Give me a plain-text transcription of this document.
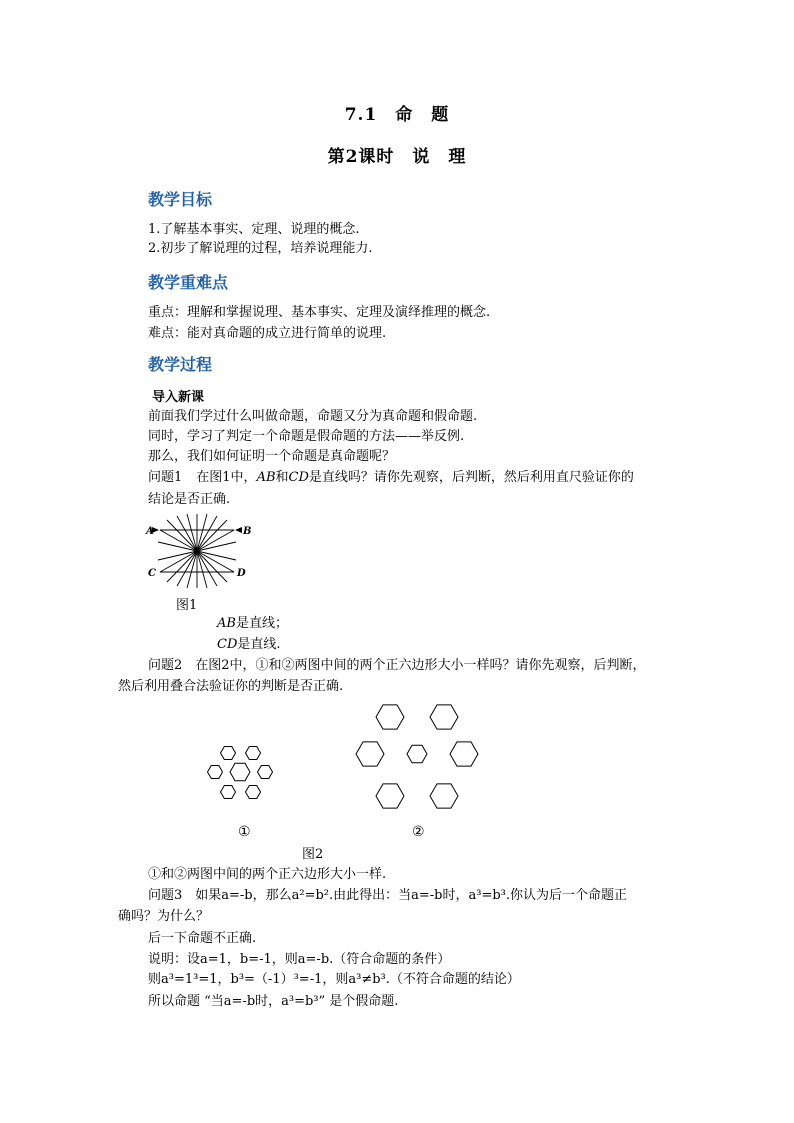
7.1　命　题
第2课时　说　理
教学目标
1.了解基本事实、定理、说理的概念.
2.初步了解说理的过程，培养说理能力.
教学重难点
重点：理解和掌握说理、基本事实、定理及演绎推理的概念.
难点：能对真命题的成立进行简单的说理.
教学过程
导入新课
前面我们学过什么叫做命题，命题又分为真命题和假命题.
同时，学习了判定一个命题是假命题的方法——举反例.
那么，我们如何证明一个命题是真命题呢？
问题1 在图1中，AB和CD是直线吗？请你先观察，后判断，然后利用直尺验证你的
结论是否正确.
A	B
C	D
图1
AB是直线；
CD是直线.
问题2　在图2中，①和②两图中间的两个正六边形大小一样吗？请你先观察，后判断，
然后利用叠合法验证你的判断是否正确.
①	②
图2
①和②两图中间的两个正六边形大小一样.
问题3　如果a=-b，那么a²=b².由此得出：当a=-b时，a³=b³.你认为后一个命题正
确吗？为什么？
后一下命题不正确.
说明：设a=1，b=-1，则a=-b.（符合命题的条件）
则a³=1³=1，b³=（-1）³=-1，则a³≠b³.（不符合命题的结论）
所以命题 “当a=-b时，a³=b³” 是个假命题.
